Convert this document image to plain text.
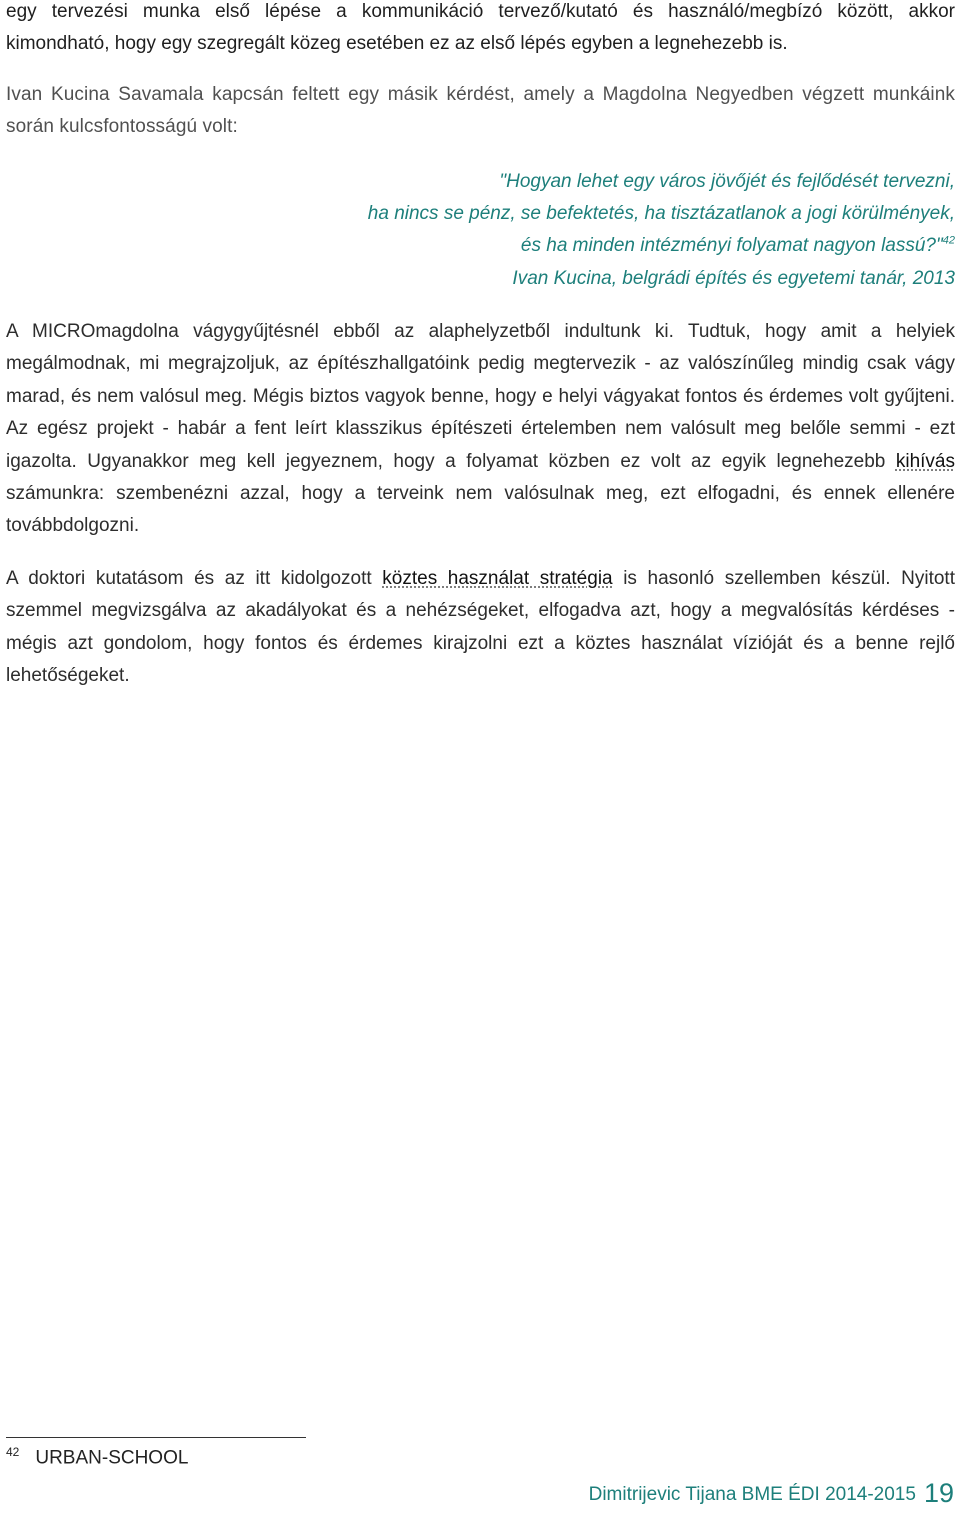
egy tervezési munka első lépése a kommunikáció tervező/kutató és használó/megbízó között, akkor kimondható, hogy egy szegregált közeg esetében ez az első lépés egyben a legnehezebb is.

Ivan Kucina Savamala kapcsán feltett egy másik kérdést, amely a Magdolna Negyedben végzett munkáink során kulcsfontosságú volt:

"Hogyan lehet egy város jövőjét és fejlődését tervezni,
ha nincs se pénz, se befektetés, ha tisztázatlanok a jogi körülmények,
és ha minden intézményi folyamat nagyon lassú?"$^{42}$
Ivan Kucina, belgrádi építés és egyetemi tanár, 2013

A MICROmagdolna vágygyűjtésnél ebből az alaphelyzetből indultunk ki. Tudtuk, hogy amit a helyiek megálmodnak, mi megrajzoljuk, az építészhallgatóink pedig megtervezik - az valószínűleg mindig csak vágy marad, és nem valósul meg. Mégis biztos vagyok benne, hogy e helyi vágyakat fontos és érdemes volt gyűjteni. Az egész projekt - habár a fent leírt klasszikus építészeti értelemben nem valósult meg belőle semmi - ezt igazolta. Ugyanakkor meg kell jegyeznem, hogy a folyamat közben ez volt az egyik legnehezebb kihívás számunkra: szembenézni azzal, hogy a terveink nem valósulnak meg, ezt elfogadni, és ennek ellenére továbbdolgozni.

A doktori kutatásom és az itt kidolgozott köztes használat stratégia is hasonló szellemben készül. Nyitott szemmel megvizsgálva az akadályokat és a nehézségeket, elfogadva azt, hogy a megvalósítás kérdéses - mégis azt gondolom, hogy fontos és érdemes kirajzolni ezt a köztes használat vízióját és a benne rejlő lehetőségeket.

$^{42}$ URBAN-SCHOOL
Dimitrijevic Tijana BME ÉDI 2014-2015 19
